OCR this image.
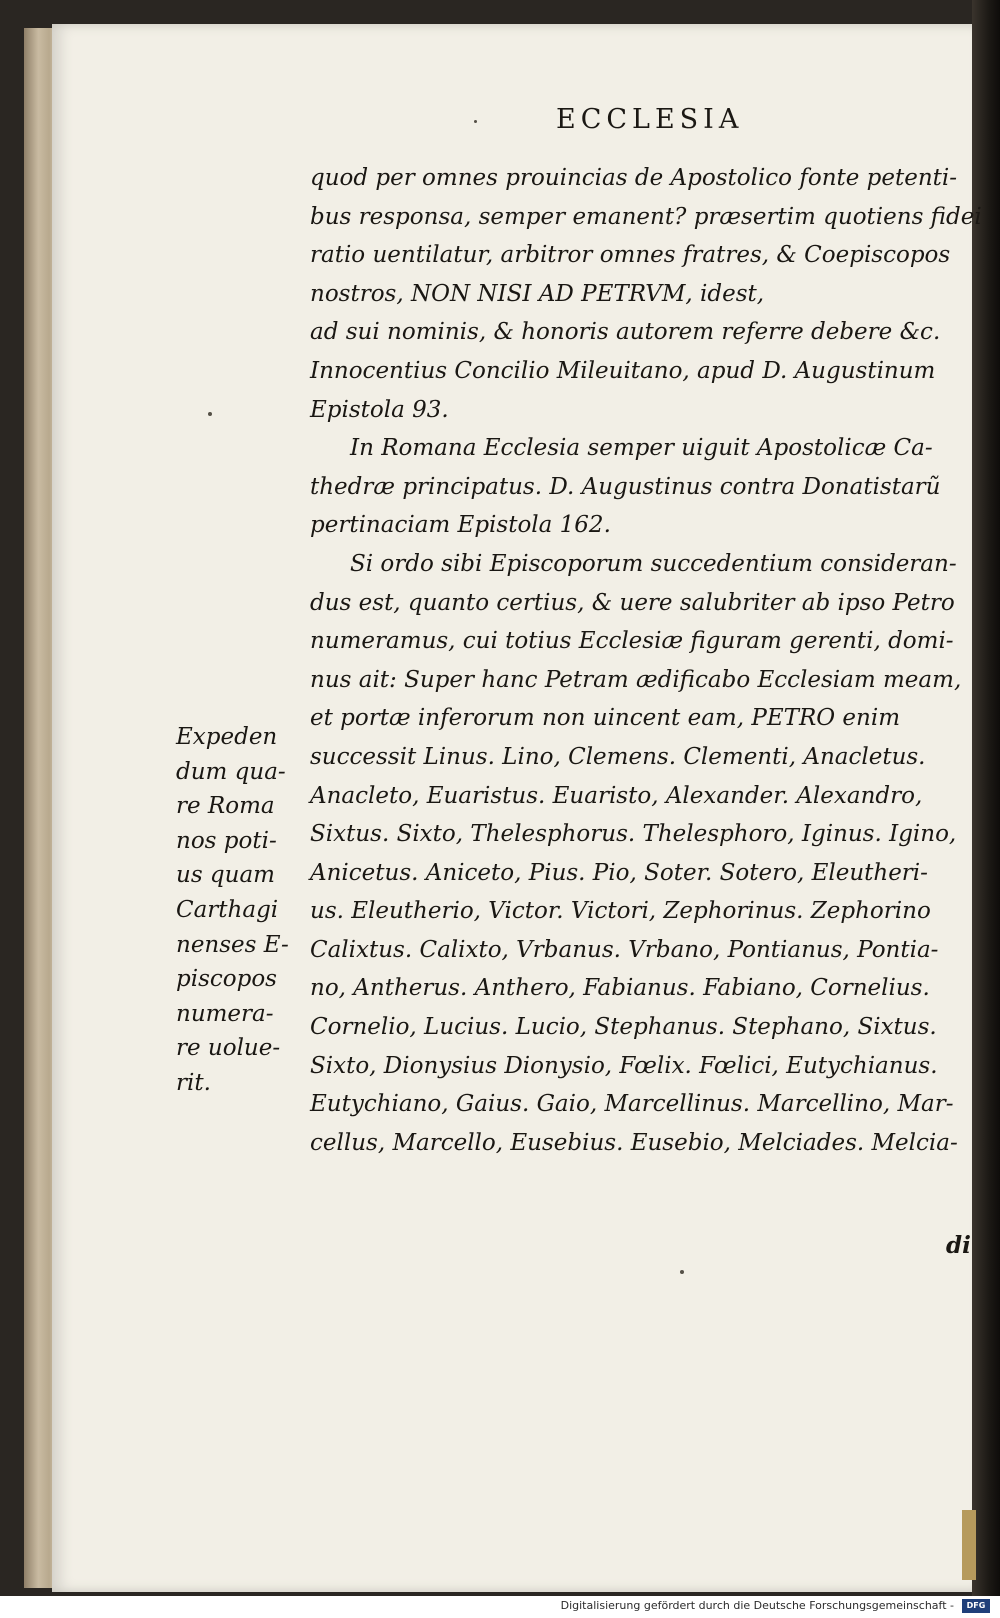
ECCLESIA
quod per omnes prouincias de Apostolico fonte petenti-
bus responsa, semper emanent? præsertim quotiens fidei
ratio uentilatur, arbitror omnes fratres, & Coepiscopos
nostros, NON NISI AD PETRVM, idest,
ad sui nominis, & honoris autorem referre debere &c.
Innocentius Concilio Mileuitano, apud D. Augustinum
Epistola 93.
In Romana Ecclesia semper uiguit Apostolicæ Ca-
thedræ principatus. D. Augustinus contra Donatistarũ
pertinaciam Epistola 162.
Si ordo sibi Episcoporum succedentium consideran-
dus est, quanto certius, & uere salubriter ab ipso Petro
numeramus, cui totius Ecclesiæ figuram gerenti, domi-
nus ait: Super hanc Petram ædificabo Ecclesiam meam,
et portæ inferorum non uincent eam, PETRO enim
successit Linus. Lino, Clemens. Clementi, Anacletus.
Anacleto, Euaristus. Euaristo, Alexander. Alexandro,
Sixtus. Sixto, Thelesphorus. Thelesphoro, Iginus. Igino,
Anicetus. Aniceto, Pius. Pio, Soter. Sotero, Eleutheri-
us. Eleutherio, Victor. Victori, Zephorinus. Zephorino
Calixtus. Calixto, Vrbanus. Vrbano, Pontianus, Pontia-
no, Antherus. Anthero, Fabianus. Fabiano, Cornelius.
Cornelio, Lucius. Lucio, Stephanus. Stephano, Sixtus.
Sixto, Dionysius Dionysio, Fœlix. Fœlici, Eutychianus.
Eutychiano, Gaius. Gaio, Marcellinus. Marcellino, Mar-
cellus, Marcello, Eusebius. Eusebio, Melciades. Melcia-
di
Expeden
dum qua-
re Roma
nos poti-
us quam
Carthagi
nenses E-
piscopos
numera-
re uolue-
rit.
Digitalisierung gefördert durch die Deutsche Forschungsgemeinschaft -	DFG
